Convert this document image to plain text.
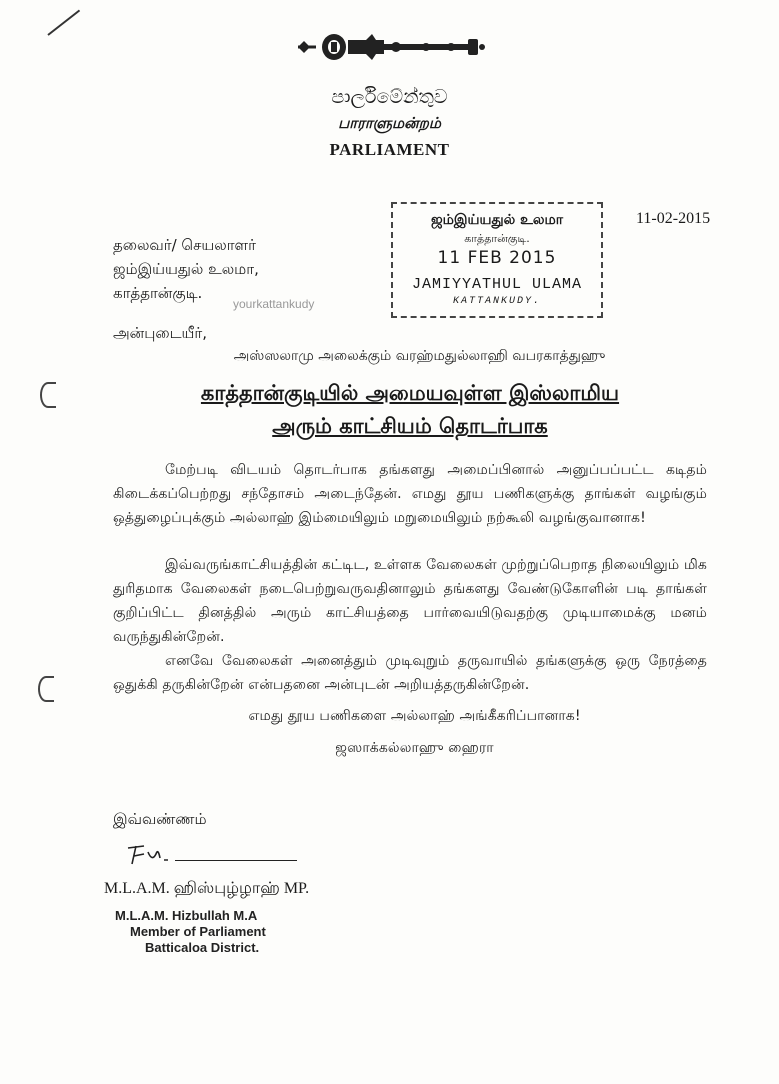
පාර්ලිමේන්තුව
பாராளுமன்றம்
PARLIAMENT
11-02-2015
ஜம்இய்யதுல் உலமா
காத்தான்குடி.
11 FEB 2015
JAMIYYATHUL ULAMA
KATTANKUDY.
தலைவர்/ செயலாளர்
ஜம்இய்யதுல் உலமா,
காத்தான்குடி.
yourkattankudy
அன்புடையீர்,
அஸ்ஸலாமு அலைக்கும் வரஹ்மதுல்லாஹி வபரகாத்துஹு
காத்தான்குடியில் அமையவுள்ள இஸ்லாமிய
அரும் காட்சியம் தொடர்பாக

மேற்படி விடயம் தொடர்பாக தங்களது அமைப்பினால் அனுப்பப்பட்ட கடிதம் கிடைக்கப்பெற்றது சந்தோசம் அடைந்தேன். எமது தூய பணிகளுக்கு தாங்கள் வழங்கும் ஒத்துழைப்புக்கும் அல்லாஹ் இம்மையிலும் மறுமையிலும் நற்கூலி வழங்குவானாக!

இவ்வருங்காட்சியத்தின் கட்டிட, உள்ளக வேலைகள் முற்றுப்பெறாத நிலையிலும் மிக துரிதமாக வேலைகள் நடைபெற்றுவருவதினாலும் தங்களது வேண்டுகோளின் படி தாங்கள் குறிப்பிட்ட தினத்தில் அரும் காட்சியத்தை பார்வையிடுவதற்கு முடியாமைக்கு மனம் வருந்துகின்றேன்.

எனவே வேலைகள் அனைத்தும் முடிவுறும் தருவாயில் தங்களுக்கு ஒரு நேரத்தை ஒதுக்கி தருகின்றேன் என்பதனை அன்புடன் அறியத்தருகின்றேன்.

எமது தூய பணிகளை அல்லாஹ் அங்கீகரிப்பானாக!
ஜஸாக்கல்லாஹு ஹைரா
இவ்வண்ணம்
M.L.A.M. ஹிஸ்புழ்ழாஹ் MP.
M.L.A.M. Hizbullah M.A
Member of Parliament
Batticaloa District.
